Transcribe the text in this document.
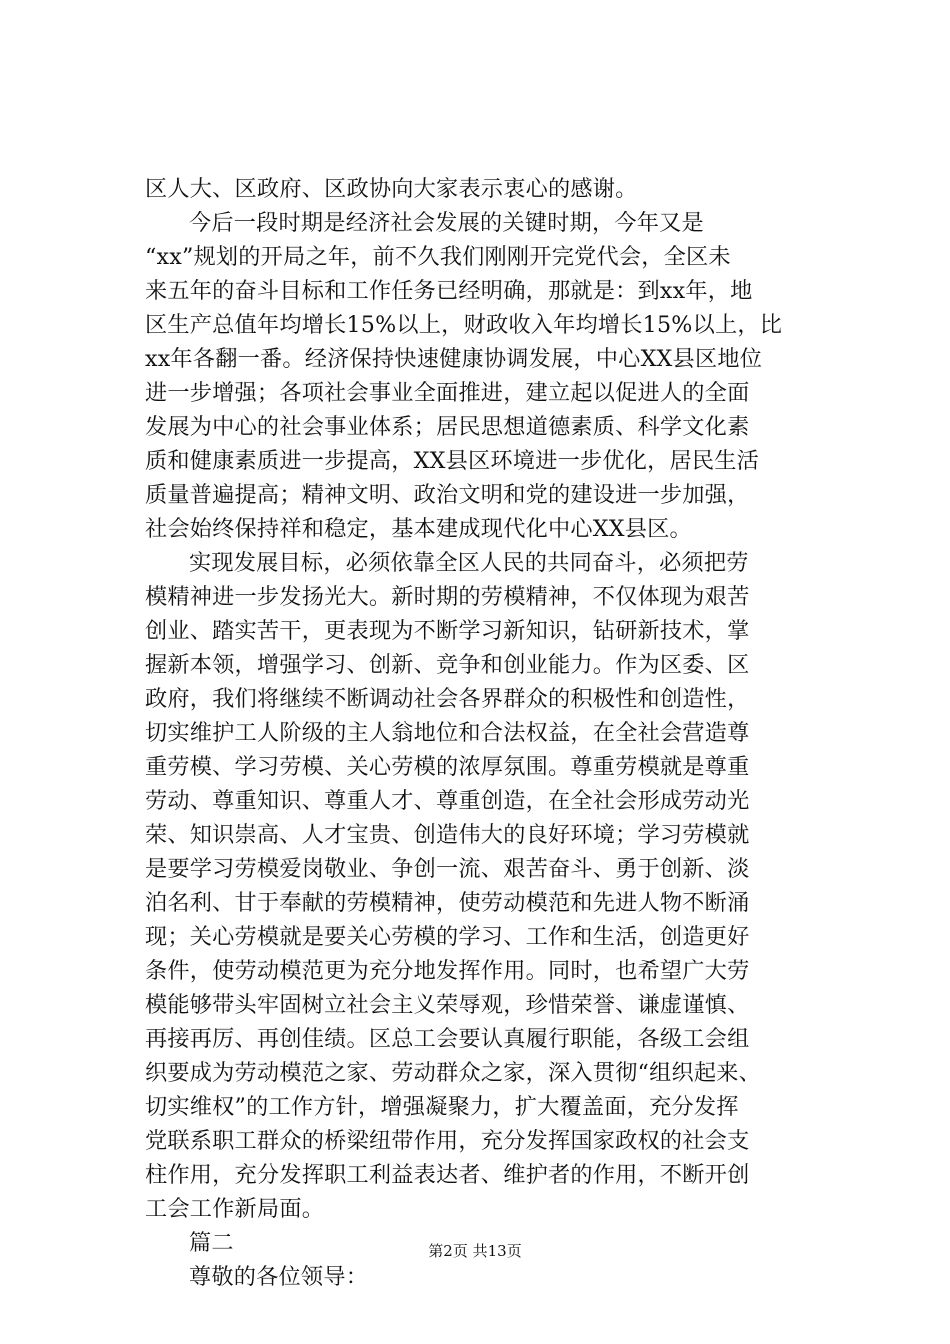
区人大、区政府、区政协向大家表示衷心的感谢。
今后一段时期是经济社会发展的关键时期，今年又是
“xx”规划的开局之年，前不久我们刚刚开完党代会，全区未
来五年的奋斗目标和工作任务已经明确，那就是：到xx年，地
区生产总值年均增长15%以上，财政收入年均增长15%以上，比
xx年各翻一番。经济保持快速健康协调发展，中心XX县区地位
进一步增强；各项社会事业全面推进，建立起以促进人的全面
发展为中心的社会事业体系；居民思想道德素质、科学文化素
质和健康素质进一步提高，XX县区环境进一步优化，居民生活
质量普遍提高；精神文明、政治文明和党的建设进一步加强，
社会始终保持祥和稳定，基本建成现代化中心XX县区。
实现发展目标，必须依靠全区人民的共同奋斗，必须把劳
模精神进一步发扬光大。新时期的劳模精神，不仅体现为艰苦
创业、踏实苦干，更表现为不断学习新知识，钻研新技术，掌
握新本领，增强学习、创新、竞争和创业能力。作为区委、区
政府，我们将继续不断调动社会各界群众的积极性和创造性，
切实维护工人阶级的主人翁地位和合法权益，在全社会营造尊
重劳模、学习劳模、关心劳模的浓厚氛围。尊重劳模就是尊重
劳动、尊重知识、尊重人才、尊重创造，在全社会形成劳动光
荣、知识崇高、人才宝贵、创造伟大的良好环境；学习劳模就
是要学习劳模爱岗敬业、争创一流、艰苦奋斗、勇于创新、淡
泊名利、甘于奉献的劳模精神，使劳动模范和先进人物不断涌
现；关心劳模就是要关心劳模的学习、工作和生活，创造更好
条件，使劳动模范更为充分地发挥作用。同时，也希望广大劳
模能够带头牢固树立社会主义荣辱观，珍惜荣誉、谦虚谨慎、
再接再厉、再创佳绩。区总工会要认真履行职能，各级工会组
织要成为劳动模范之家、劳动群众之家，深入贯彻“组织起来、
切实维权”的工作方针，增强凝聚力，扩大覆盖面，充分发挥
党联系职工群众的桥梁纽带作用，充分发挥国家政权的社会支
柱作用，充分发挥职工利益表达者、维护者的作用，不断开创
工会工作新局面。
篇二
尊敬的各位领导：
第2页 共13页
